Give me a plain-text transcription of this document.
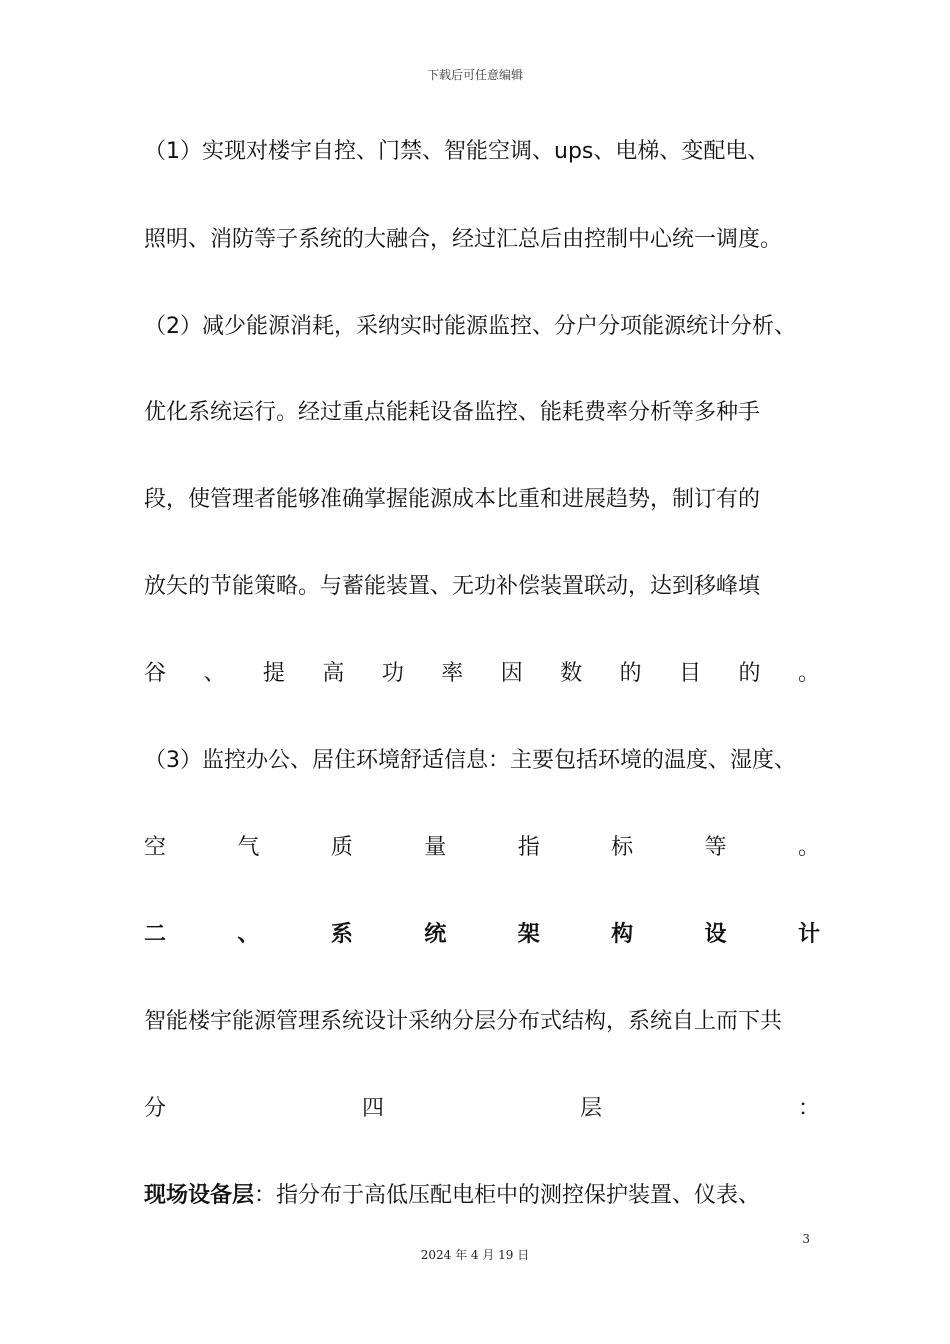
下载后可任意编辑
（1）实现对楼宇自控、门禁、智能空调、ups、电梯、变配电、
照明、消防等子系统的大融合，经过汇总后由控制中心统一调度。
（2）减少能源消耗，采纳实时能源监控、分户分项能源统计分析、
优化系统运行。经过重点能耗设备监控、能耗费率分析等多种手
段，使管理者能够准确掌握能源成本比重和进展趋势，制订有的
放矢的节能策略。与蓄能装置、无功补偿装置联动，达到移峰填
谷 、 提 高 功 率 因 数 的 目 的 。
（3）监控办公、居住环境舒适信息：主要包括环境的温度、湿度、
空	气	质	量	指	标	等	。
二	、	系	统	架	构	设	计
智能楼宇能源管理系统设计采纳分层分布式结构，系统自上而下共
分	四	层	：
现场设备层：指分布于高低压配电柜中的测控保护装置、仪表、
3
2024 年 4 月 19 日
